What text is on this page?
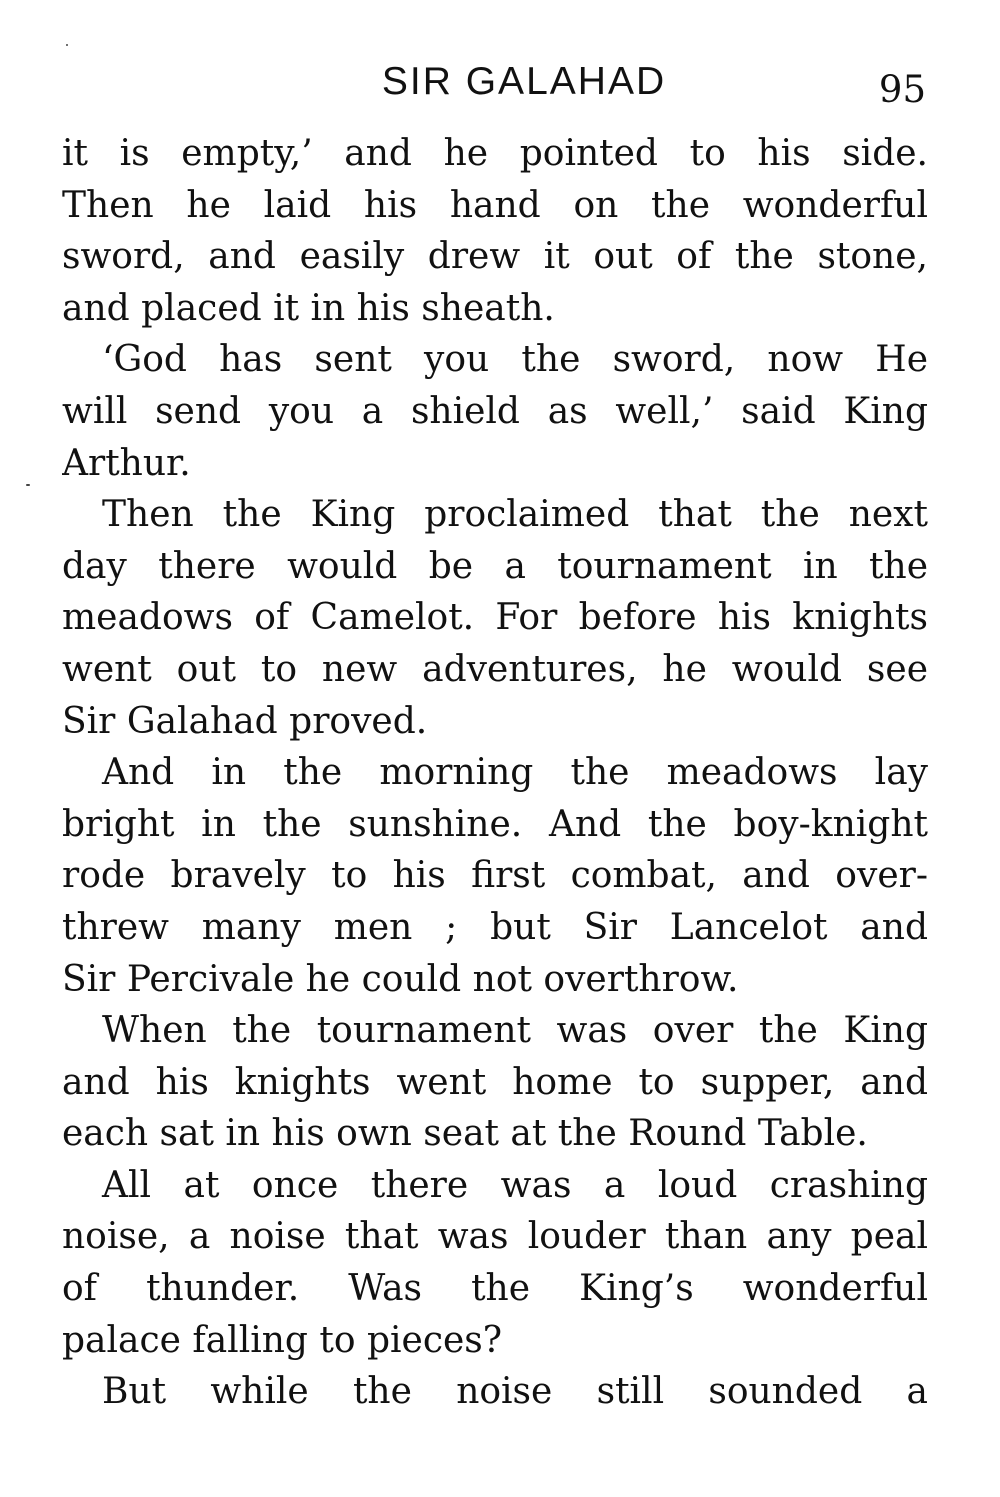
SIR GALAHAD	95

it is empty,’ and he pointed to his side.
Then he laid his hand on the wonderful
sword, and easily drew it out of the stone,
and placed it in his sheath.

‘God has sent you the sword, now He
will send you a shield as well,’ said King
Arthur.

Then the King proclaimed that the next
day there would be a tournament in the
meadows of Camelot. For before his knights
went out to new adventures, he would see
Sir Galahad proved.

And in the morning the meadows lay
bright in the sunshine. And the boy-knight
rode bravely to his first combat, and over-
threw many men ; but Sir Lancelot and
Sir Percivale he could not overthrow.

When the tournament was over the King
and his knights went home to supper, and
each sat in his own seat at the Round Table.

All at once there was a loud crashing
noise, a noise that was louder than any peal
of thunder. Was the King’s wonderful
palace falling to pieces?

But while the noise still sounded a
